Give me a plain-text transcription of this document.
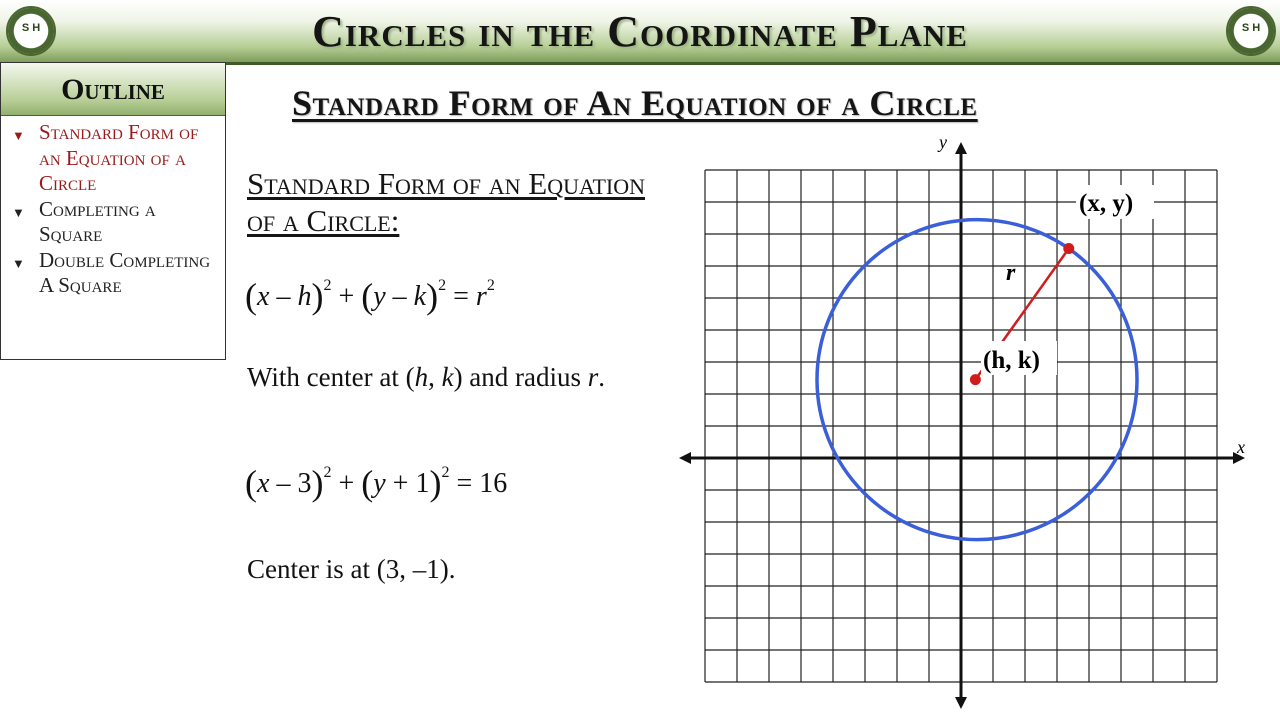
S H	Circles in the Coordinate Plane	S H
Outline
▼ Standard Form of an Equation of a Circle
▼ Completing a Square
▼ Double Completing A Square
Standard Form of An Equation of a Circle
Standard Form of an Equation of a Circle:
$(x - h)^2 + (y - k)^2 = r^2$
With center at (h, k) and radius r.
$(x - 3)^2 + (y + 1)^2 = 16$
Center is at (3, –1).
(x, y)
(h, k)
r
x
y
